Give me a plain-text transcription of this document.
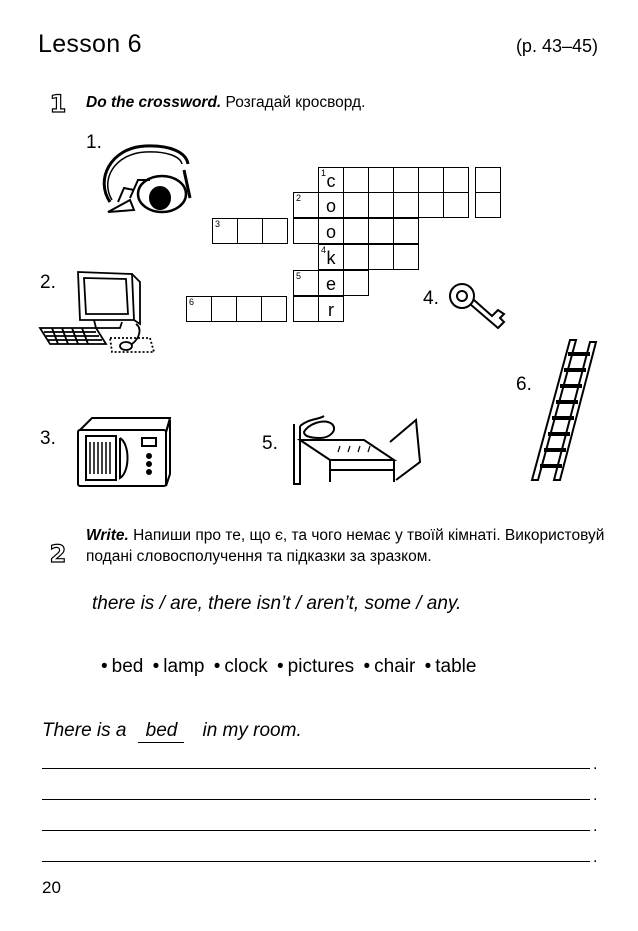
Lesson 6	(p. 43–45)
1 Do the crossword. Розгадай кросворд.
1.
2.
3.
4.
5.
6.
1 c
2	o
3	o
4 k
5	e
6	r
2
Write. Напиши про те, що є, та чого немає у твоїй кімнаті. Використовуй подані словосполучення та підказки за зразком.
there is / are, there isn’t / aren’t, some / any.
• bed • lamp • clock • pictures • chair • table
There is a bed in my room.
.
.
.
.
20
